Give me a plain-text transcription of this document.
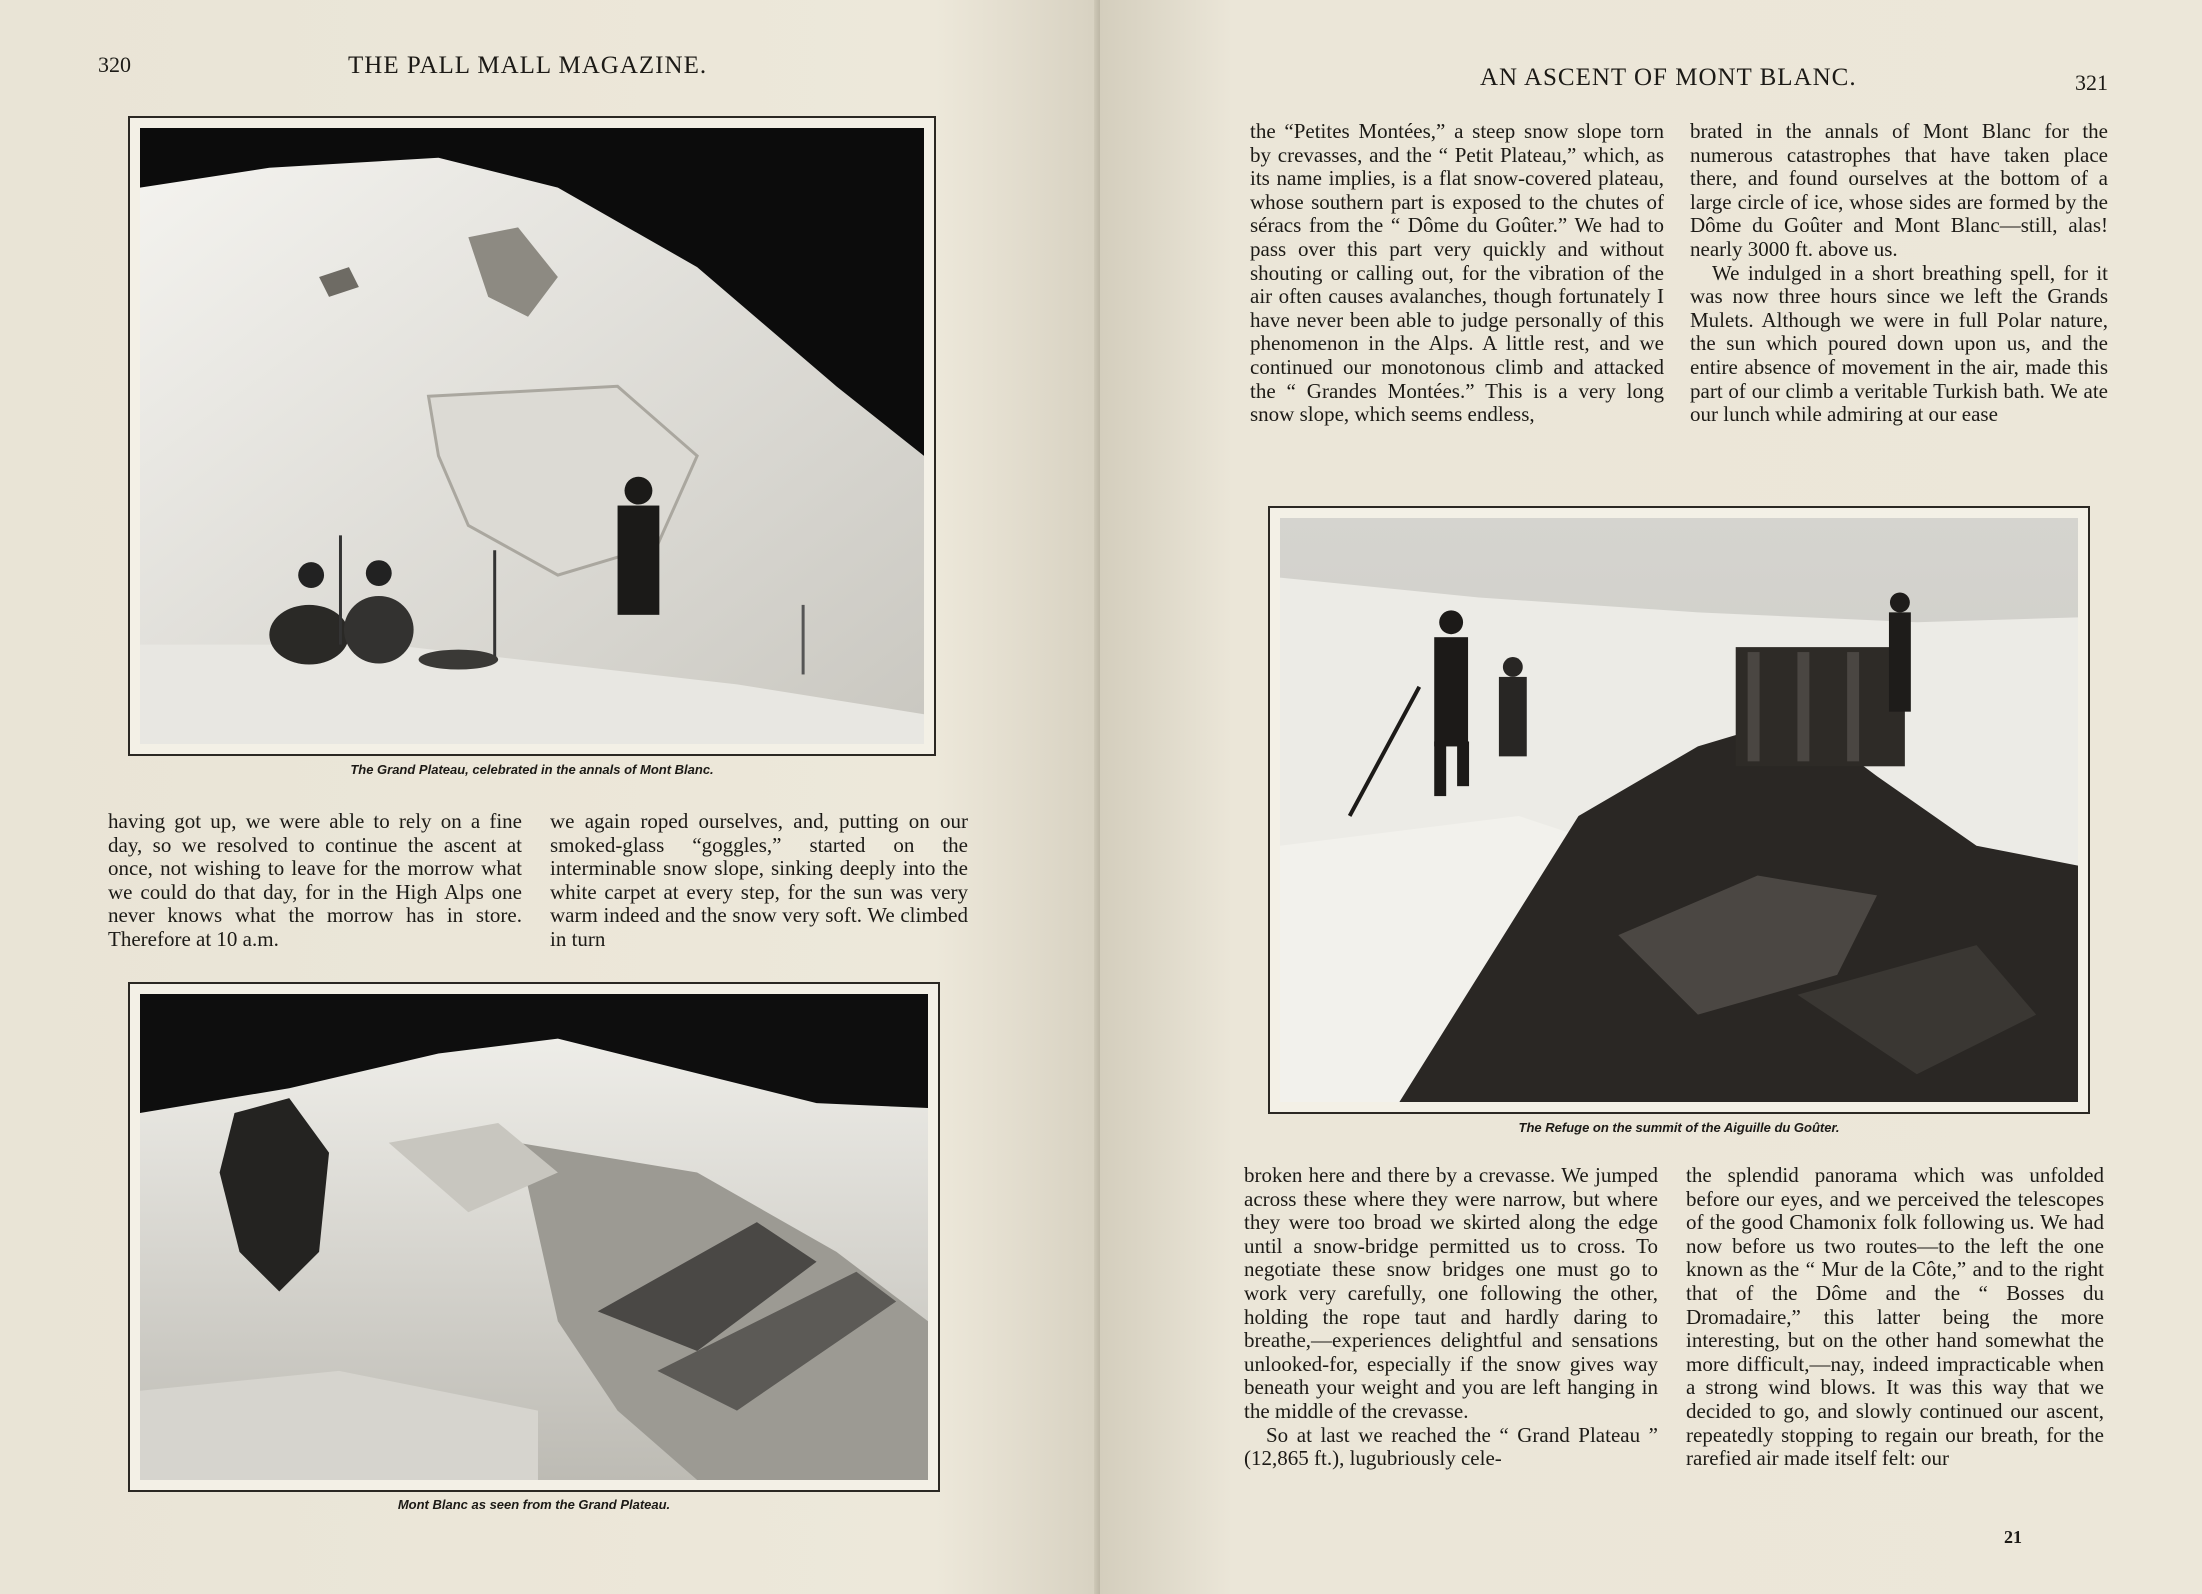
320	THE PALL MALL MAGAZINE.
The Grand Plateau, celebrated in the annals of Mont Blanc.

having got up, we were able to rely on a fine day, so we resolved to continue the ascent at once, not wishing to leave for the morrow what we could do that day, for in the High Alps one never knows what the morrow has in store. Therefore at 10 a.m.

we again roped ourselves, and, putting on our smoked-glass “goggles,” started on the interminable snow slope, sinking deeply into the white carpet at every step, for the sun was very warm indeed and the snow very soft. We climbed in turn

Mont Blanc as seen from the Grand Plateau.
AN ASCENT OF MONT BLANC.	321

the “Petites Montées,” a steep snow slope torn by crevasses, and the “ Petit Plateau,” which, as its name implies, is a flat snow-covered plateau, whose southern part is exposed to the chutes of séracs from the “ Dôme du Goûter.” We had to pass over this part very quickly and without shouting or calling out, for the vibration of the air often causes avalanches, though fortunately I have never been able to judge personally of this phenomenon in the Alps. A little rest, and we continued our monotonous climb and attacked the “ Grandes Montées.” This is a very long snow slope, which seems endless,

brated in the annals of Mont Blanc for the numerous catastrophes that have taken place there, and found ourselves at the bottom of a large circle of ice, whose sides are formed by the Dôme du Goûter and Mont Blanc—still, alas! nearly 3000 ft. above us.

We indulged in a short breathing spell, for it was now three hours since we left the Grands Mulets. Although we were in full Polar nature, the sun which poured down upon us, and the entire absence of movement in the air, made this part of our climb a veritable Turkish bath. We ate our lunch while admiring at our ease

The Refuge on the summit of the Aiguille du Goûter.

broken here and there by a crevasse. We jumped across these where they were narrow, but where they were too broad we skirted along the edge until a snow-bridge permitted us to cross. To negotiate these snow bridges one must go to work very carefully, one following the other, holding the rope taut and hardly daring to breathe,—experiences delightful and sensations unlooked-for, especially if the snow gives way beneath your weight and you are left hanging in the middle of the crevasse.

So at last we reached the “ Grand Plateau ” (12,865 ft.), lugubriously cele-

the splendid panorama which was unfolded before our eyes, and we perceived the telescopes of the good Chamonix folk following us. We had now before us two routes—to the left the one known as the “ Mur de la Côte,” and to the right that of the Dôme and the “ Bosses du Dromadaire,” this latter being the more interesting, but on the other hand somewhat the more difficult,—nay, indeed impracticable when a strong wind blows. It was this way that we decided to go, and slowly continued our ascent, repeatedly stopping to regain our breath, for the rarefied air made itself felt: our

21
